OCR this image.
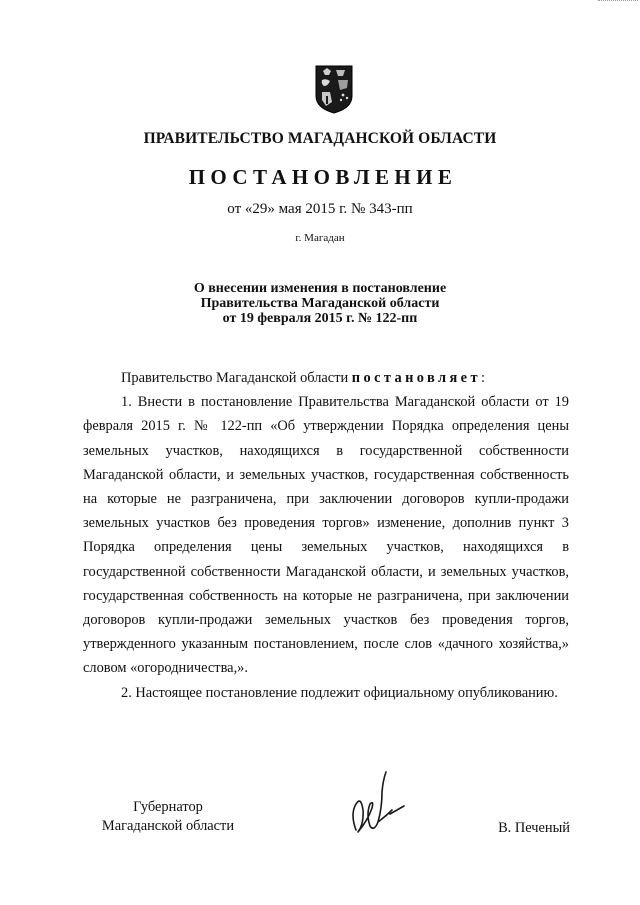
ПРАВИТЕЛЬСТВО МАГАДАНСКОЙ ОБЛАСТИ
ПОСТАНОВЛЕНИЕ
от «29» мая 2015 г. № 343-пп
г. Магадан
О внесении изменения в постановление
Правительства Магаданской области
от 19 февраля 2015 г. № 122-пп

Правительство Магаданской области постановляет:

1. Внести в постановление Правительства Магаданской области от 19 февраля 2015 г. № 122-пп «Об утверждении Порядка определения цены земельных участков, находящихся в государственной собственности Магаданской области, и земельных участков, государственная собственность на которые не разграничена, при заключении договоров купли-продажи земельных участков без проведения торгов» изменение, дополнив пункт 3 Порядка определения цены земельных участков, находящихся в государственной собственности Магаданской области, и земельных участков, государственная собственность на которые не разграничена, при заключении договоров купли-продажи земельных участков без проведения торгов, утвержденного указанным постановлением, после слов «дачного хозяйства,» словом «огородничества,».

2. Настоящее постановление подлежит официальному опубликованию.

Губернатор
Магаданской области	В. Печеный
